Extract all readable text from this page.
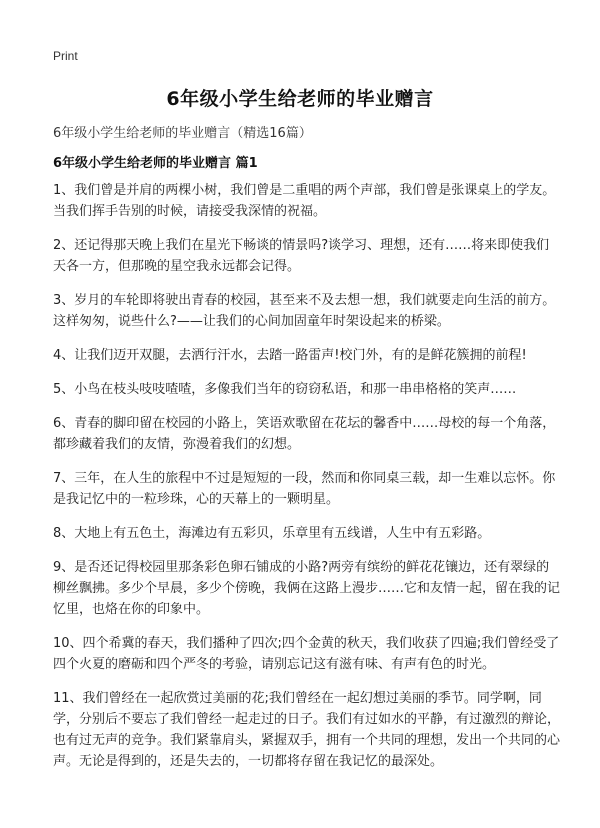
Print
6年级小学生给老师的毕业赠言
6年级小学生给老师的毕业赠言（精选16篇）
6年级小学生给老师的毕业赠言 篇1

1、我们曾是并肩的两棵小树，我们曾是二重唱的两个声部，我们曾是张课桌上的学友。当我们挥手告别的时候，请接受我深情的祝福。

2、还记得那天晚上我们在星光下畅谈的情景吗?谈学习、理想，还有……将来即使我们天各一方，但那晚的星空我永远都会记得。

3、岁月的车轮即将驶出青春的校园，甚至来不及去想一想，我们就要走向生活的前方。这样匆匆，说些什么?——让我们的心间加固童年时架设起来的桥梁。

4、让我们迈开双腿，去洒行汗水，去踏一路雷声!校门外，有的是鲜花簇拥的前程!

5、小鸟在枝头吱吱喳喳，多像我们当年的窃窃私语，和那一串串格格的笑声……

6、青春的脚印留在校园的小路上，笑语欢歌留在花坛的馨香中……母校的每一个角落，都珍藏着我们的友情，弥漫着我们的幻想。

7、三年，在人生的旅程中不过是短短的一段，然而和你同桌三载，却一生难以忘怀。你是我记忆中的一粒珍珠，心的天幕上的一颗明星。

8、大地上有五色土，海滩边有五彩贝，乐章里有五线谱，人生中有五彩路。

9、是否还记得校园里那条彩色卵石铺成的小路?两旁有缤纷的鲜花花镶边，还有翠绿的柳丝飘拂。多少个早晨，多少个傍晚，我俩在这路上漫步……它和友情一起，留在我的记忆里，也烙在你的印象中。

10、四个希冀的春天，我们播种了四次;四个金黄的秋天，我们收获了四遍;我们曾经受了四个火夏的磨砺和四个严冬的考验，请别忘记这有滋有味、有声有色的时光。

11、我们曾经在一起欣赏过美丽的花;我们曾经在一起幻想过美丽的季节。同学啊，同学，分别后不要忘了我们曾经一起走过的日子。我们有过如水的平静，有过激烈的辩论，也有过无声的竞争。我们紧靠肩头，紧握双手，拥有一个共同的理想，发出一个共同的心声。无论是得到的，还是失去的，一切都将存留在我记忆的最深处。
